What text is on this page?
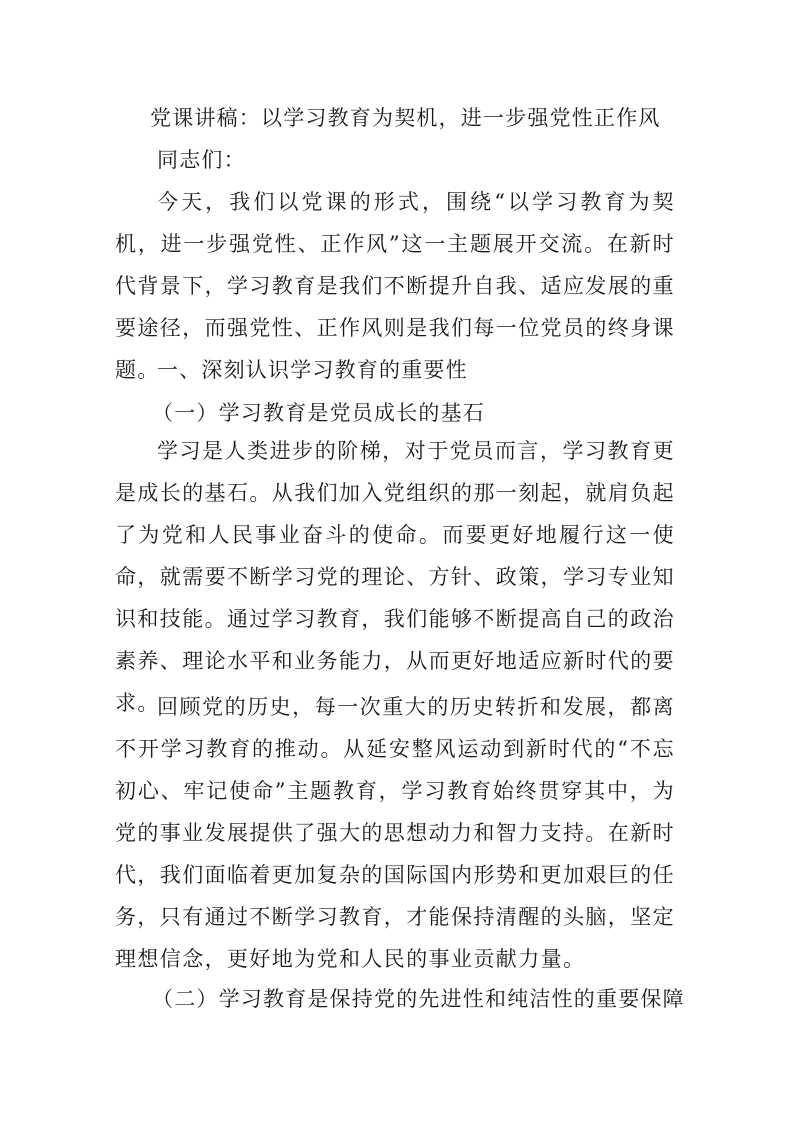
党课讲稿：以学习教育为契机，进一步强党性正作风
同志们：

今天，我们以党课的形式，围绕“以学习教育为契机，进一步强党性、正作风”这一主题展开交流。在新时代背景下，学习教育是我们不断提升自我、适应发展的重要途径，而强党性、正作风则是我们每一位党员的终身课题。

一、深刻认识学习教育的重要性
（一）学习教育是党员成长的基石

学习是人类进步的阶梯，对于党员而言，学习教育更是成长的基石。从我们加入党组织的那一刻起，就肩负起了为党和人民事业奋斗的使命。而要更好地履行这一使命，就需要不断学习党的理论、方针、政策，学习专业知识和技能。通过学习教育，我们能够不断提高自己的政治素养、理论水平和业务能力，从而更好地适应新时代的要求。

回顾党的历史，每一次重大的历史转折和发展，都离不开学习教育的推动。从延安整风运动到新时代的“不忘初心、牢记使命”主题教育，学习教育始终贯穿其中，为党的事业发展提供了强大的思想动力和智力支持。在新时代，我们面临着更加复杂的国际国内形势和更加艰巨的任务，只有通过不断学习教育，才能保持清醒的头脑，坚定理想信念，更好地为党和人民的事业贡献力量。

（二）学习教育是保持党的先进性和纯洁性的重要保障
